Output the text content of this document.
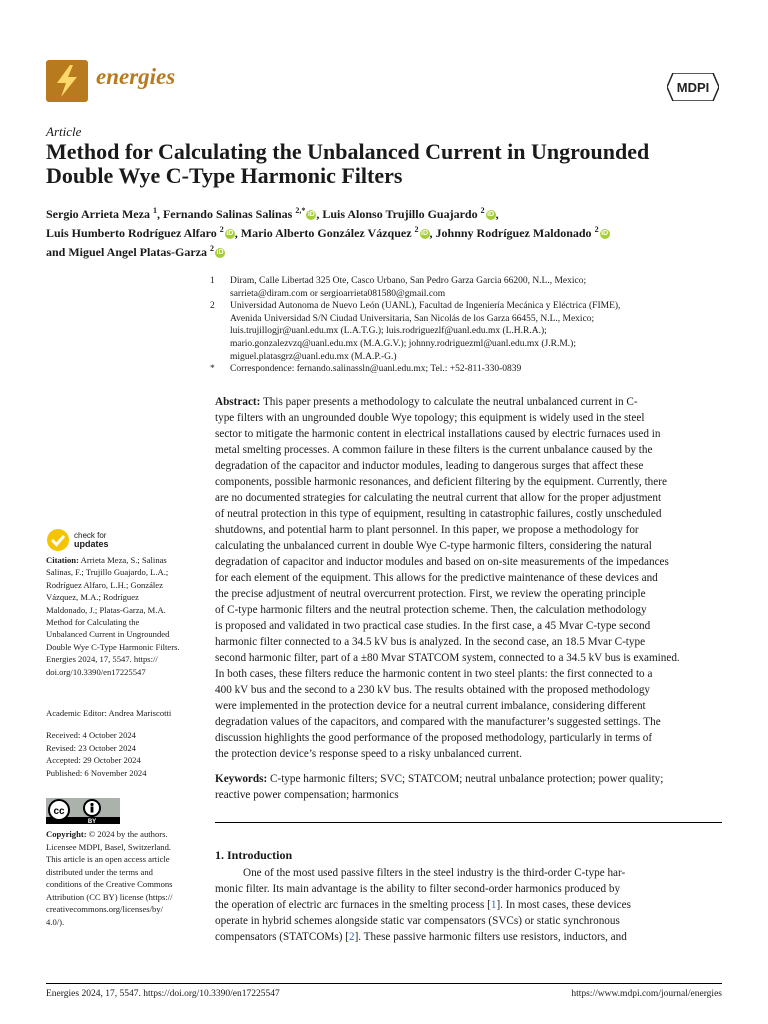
energies	MDPI
Article
Method for Calculating the Unbalanced Current in Ungrounded
Double Wye C-Type Harmonic Filters
Sergio Arrieta Meza $^1$, Fernando Salinas Salinas $^{2,*}$ iD , Luis Alonso Trujillo Guajardo $^2$ iD ,
Luis Humberto Rodríguez Alfaro $^2$ iD , Mario Alberto González Vázquez $^2$ iD , Johnny Rodríguez Maldonado $^2$ iD
and Miguel Angel Platas-Garza $^2$ iD
1	Diram, Calle Libertad 325 Ote, Casco Urbano, San Pedro Garza Garcia 66200, N.L., Mexico;
sarrieta@diram.com or sergioarrieta081580@gmail.com
2	Universidad Autonoma de Nuevo León (UANL), Facultad de Ingeniería Mecánica y Eléctrica (FIME),
Avenida Universidad S/N Ciudad Universitaria, San Nicolás de los Garza 66455, N.L., Mexico;
luis.trujillogjr@uanl.edu.mx (L.A.T.G.); luis.rodriguezlf@uanl.edu.mx (L.H.R.A.);
mario.gonzalezvzq@uanl.edu.mx (M.A.G.V.); johnny.rodriguezml@uanl.edu.mx (J.R.M.);
miguel.platasgrz@uanl.edu.mx (M.A.P.-G.)
*	Correspondence: fernando.salinassln@uanl.edu.mx; Tel.: +52-811-330-0839
Abstract: This paper presents a methodology to calculate the neutral unbalanced current in C-
type filters with an ungrounded double Wye topology; this equipment is widely used in the steel
sector to mitigate the harmonic content in electrical installations caused by electric furnaces used in
metal smelting processes. A common failure in these filters is the current unbalance caused by the
degradation of the capacitor and inductor modules, leading to dangerous surges that affect these
components, possible harmonic resonances, and deficient filtering by the equipment. Currently, there
are no documented strategies for calculating the neutral current that allow for the proper adjustment
of neutral protection in this type of equipment, resulting in catastrophic failures, costly unscheduled
shutdowns, and potential harm to plant personnel. In this paper, we propose a methodology for
calculating the unbalanced current in double Wye C-type harmonic filters, considering the natural
degradation of capacitor and inductor modules and based on on-site measurements of the impedances
for each element of the equipment. This allows for the predictive maintenance of these devices and
the precise adjustment of neutral overcurrent protection. First, we review the operating principle
of C-type harmonic filters and the neutral protection scheme. Then, the calculation methodology
is proposed and validated in two practical case studies. In the first case, a 45 Mvar C-type second
harmonic filter connected to a 34.5 kV bus is analyzed. In the second case, an 18.5 Mvar C-type
second harmonic filter, part of a ±80 Mvar STATCOM system, connected to a 34.5 kV bus is examined.
In both cases, these filters reduce the harmonic content in two steel plants: the first connected to a
400 kV bus and the second to a 230 kV bus. The results obtained with the proposed methodology
were implemented in the protection device for a neutral current imbalance, considering different
degradation values of the capacitors, and compared with the manufacturer’s suggested settings. The
discussion highlights the good performance of the proposed methodology, particularly in terms of
the protection device’s response speed to a risky unbalanced current.
Keywords: C-type harmonic filters; SVC; STATCOM; neutral unbalance protection; power quality;
reactive power compensation; harmonics
1. Introduction
One of the most used passive filters in the steel industry is the third-order C-type har-
monic filter. Its main advantage is the ability to filter second-order harmonics produced by
the operation of electric arc furnaces in the smelting process [1]. In most cases, these devices
operate in hybrid schemes alongside static var compensators (SVCs) or static synchronous
compensators (STATCOMs) [2]. These passive harmonic filters use resistors, inductors, and
check for
updates
Citation: Arrieta Meza, S.; Salinas
Salinas, F.; Trujillo Guajardo, L.A.;
Rodríguez Alfaro, L.H.; González
Vázquez, M.A.; Rodríguez
Maldonado, J.; Platas-Garza, M.A.
Method for Calculating the
Unbalanced Current in Ungrounded
Double Wye C-Type Harmonic Filters.
Energies 2024, 17, 5547. https://
doi.org/10.3390/en17225547
Academic Editor: Andrea Mariscotti
Received: 4 October 2024
Revised: 23 October 2024
Accepted: 29 October 2024
Published: 6 November 2024
cc
BY
Copyright: © 2024 by the authors.
Licensee MDPI, Basel, Switzerland.
This article is an open access article
distributed under the terms and
conditions of the Creative Commons
Attribution (CC BY) license (https://
creativecommons.org/licenses/by/
4.0/).
Energies 2024, 17, 5547. https://doi.org/10.3390/en17225547	https://www.mdpi.com/journal/energies
